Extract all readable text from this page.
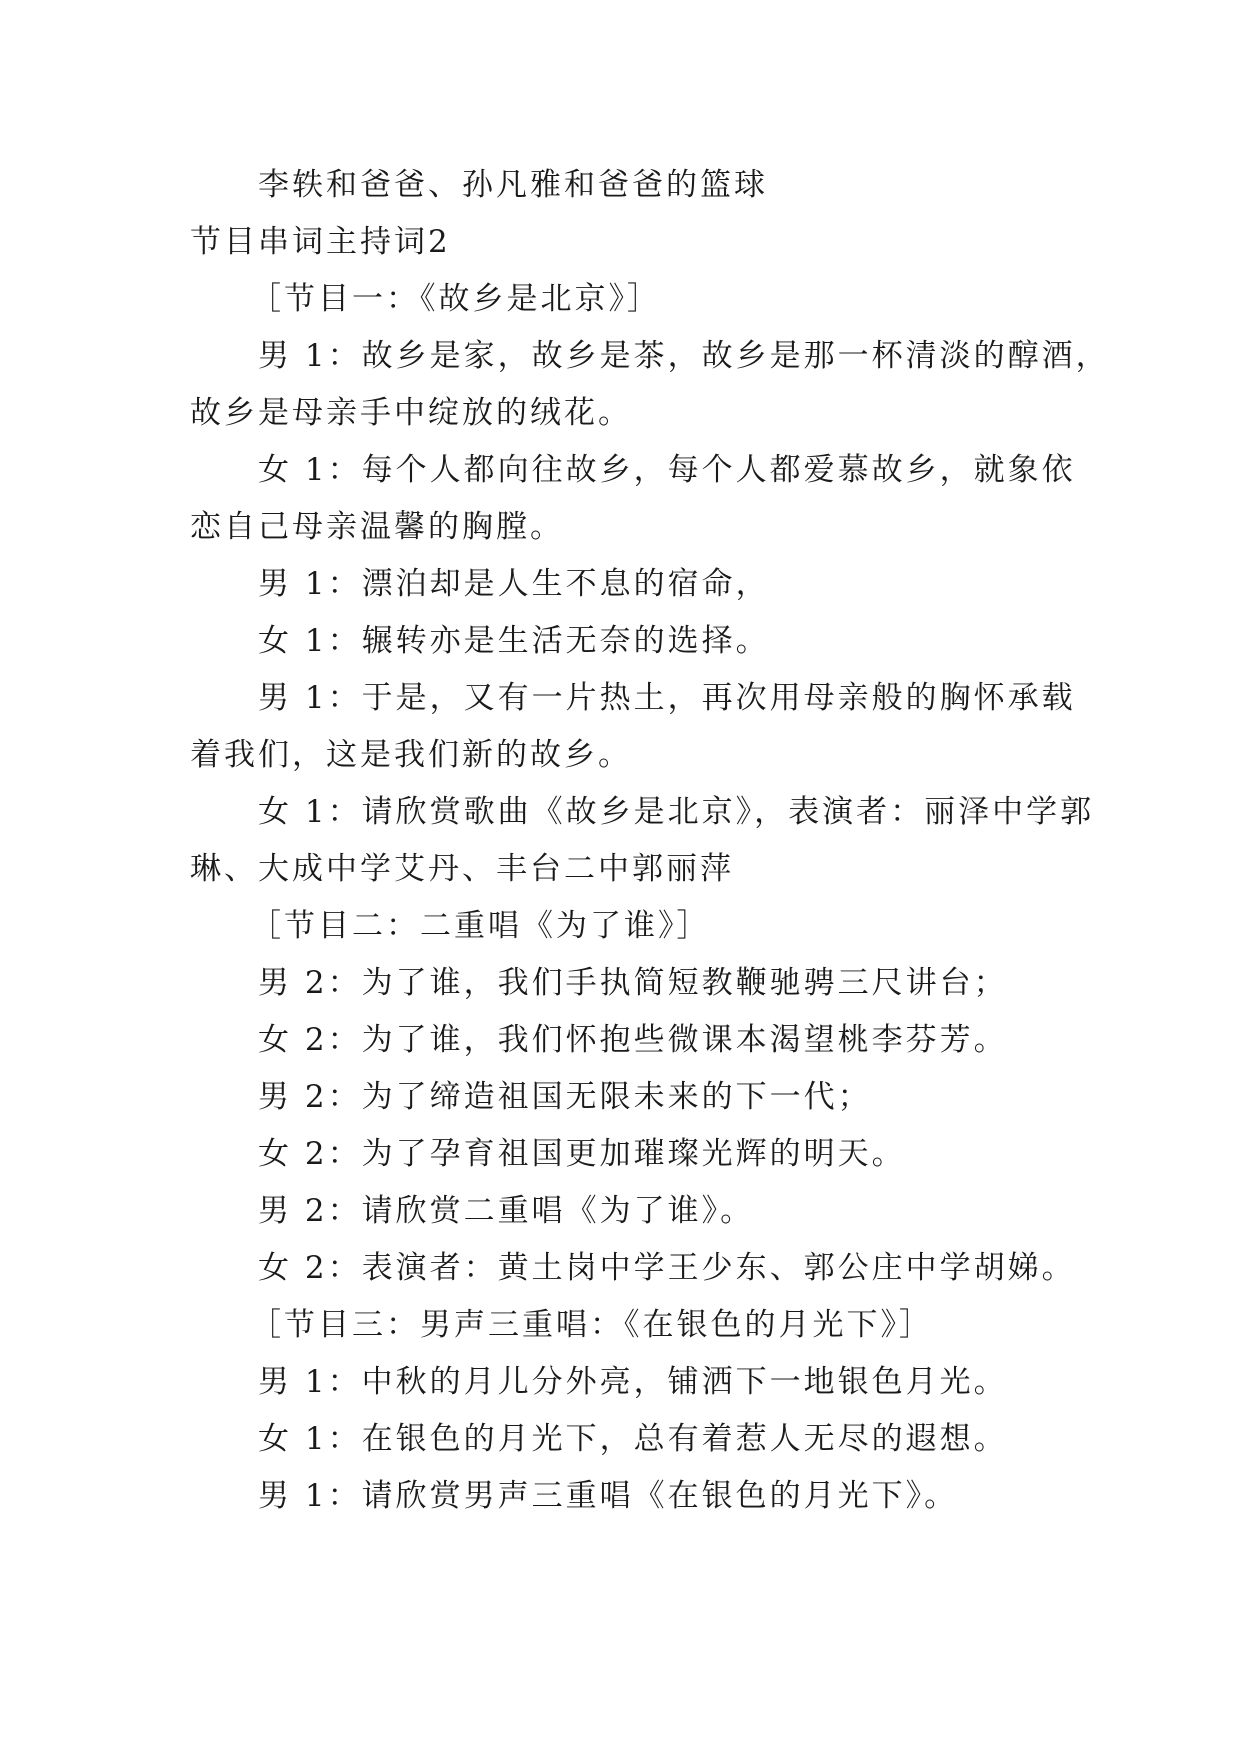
李轶和爸爸、孙凡雅和爸爸的篮球
节目串词主持词2
［节目一：《故乡是北京》］
男 1：故乡是家，故乡是茶，故乡是那一杯清淡的醇酒，
故乡是母亲手中绽放的绒花。
女 1：每个人都向往故乡，每个人都爱慕故乡，就象依
恋自己母亲温馨的胸膛。
男 1：漂泊却是人生不息的宿命，
女 1：辗转亦是生活无奈的选择。
男 1：于是，又有一片热土，再次用母亲般的胸怀承载
着我们，这是我们新的故乡。
女 1：请欣赏歌曲《故乡是北京》，表演者：丽泽中学郭
琳、大成中学艾丹、丰台二中郭丽萍
［节目二：二重唱《为了谁》］
男 2：为了谁，我们手执简短教鞭驰骋三尺讲台；
女 2：为了谁，我们怀抱些微课本渴望桃李芬芳。
男 2：为了缔造祖国无限未来的下一代；
女 2：为了孕育祖国更加璀璨光辉的明天。
男 2：请欣赏二重唱《为了谁》。
女 2：表演者：黄土岗中学王少东、郭公庄中学胡娣。
［节目三：男声三重唱：《在银色的月光下》］
男 1：中秋的月儿分外亮，铺洒下一地银色月光。
女 1：在银色的月光下，总有着惹人无尽的遐想。
男 1：请欣赏男声三重唱《在银色的月光下》。
